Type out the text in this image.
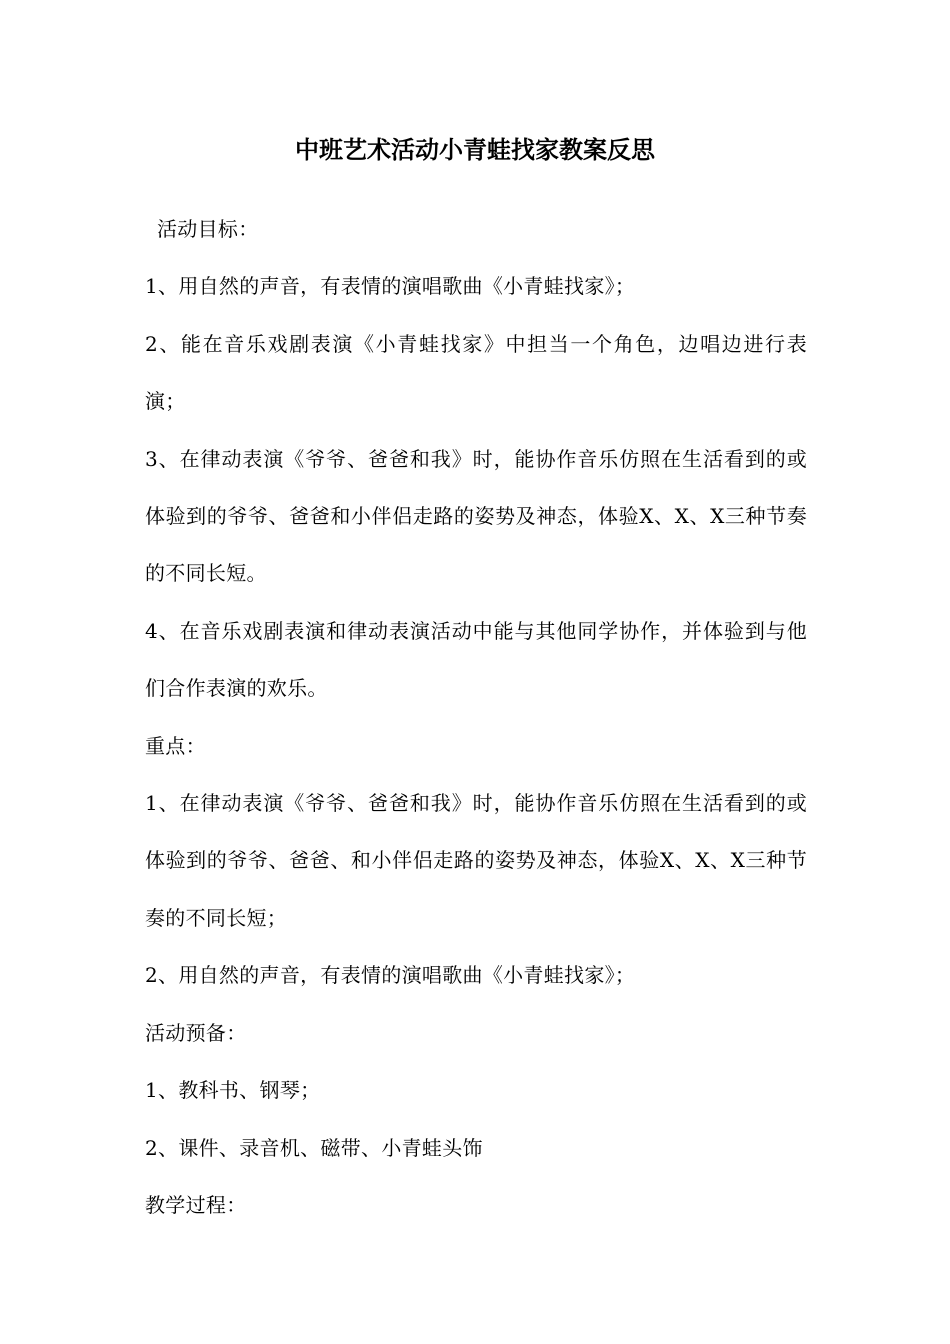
中班艺术活动小青蛙找家教案反思

活动目标：

1、用自然的声音，有表情的演唱歌曲《小青蛙找家》；

2、能在音乐戏剧表演《小青蛙找家》中担当一个角色，边唱边进行表演；

3、在律动表演《爷爷、爸爸和我》时，能协作音乐仿照在生活看到的或体验到的爷爷、爸爸和小伴侣走路的姿势及神态，体验X、X、X三种节奏的不同长短。

4、在音乐戏剧表演和律动表演活动中能与其他同学协作，并体验到与他们合作表演的欢乐。

重点：

1、在律动表演《爷爷、爸爸和我》时，能协作音乐仿照在生活看到的或体验到的爷爷、爸爸、和小伴侣走路的姿势及神态，体验X、X、X三种节奏的不同长短；

2、用自然的声音，有表情的演唱歌曲《小青蛙找家》；

活动预备：

1、教科书、钢琴；

2、课件、录音机、磁带、小青蛙头饰

教学过程：
